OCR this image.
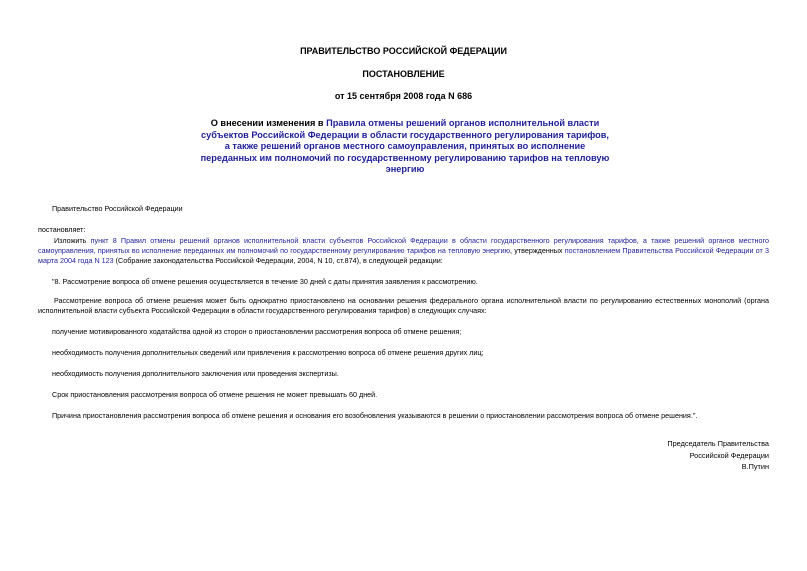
ПРАВИТЕЛЬСТВО РОССИЙСКОЙ ФЕДЕРАЦИИ
ПОСТАНОВЛЕНИЕ
от 15 сентября 2008 года N 686
О внесении изменения в Правила отмены решений органов исполнительной власти субъектов Российской Федерации в области государственного регулирования тарифов, а также решений органов местного самоуправления, принятых во исполнение переданных им полномочий по государственному регулированию тарифов на тепловую энергию
Правительство Российской Федерации
постановляет:
Изложить пункт 8 Правил отмены решений органов исполнительной власти субъектов Российской Федерации в области государственного регулирования тарифов, а также решений органов местного самоуправления, принятых во исполнение переданных им полномочий по государственному регулированию тарифов на тепловую энергию, утвержденных постановлением Правительства Российской Федерации от 3 марта 2004 года N 123 (Собрание законодательства Российской Федерации, 2004, N 10, ст.874), в следующей редакции:
"8. Рассмотрение вопроса об отмене решения осуществляется в течение 30 дней с даты принятия заявления к рассмотрению.
Рассмотрение вопроса об отмене решения может быть однократно приостановлено на основании решения федерального органа исполнительной власти по регулированию естественных монополий (органа исполнительной власти субъекта Российской Федерации в области государственного регулирования тарифов) в следующих случаях:
получение мотивированного ходатайства одной из сторон о приостановлении рассмотрения вопроса об отмене решения;
необходимость получения дополнительных сведений или привлечения к рассмотрению вопроса об отмене решения других лиц;
необходимость получения дополнительного заключения или проведения экспертизы.
Срок приостановления рассмотрения вопроса об отмене решения не может превышать 60 дней.
Причина приостановления рассмотрения вопроса об отмене решения и основания его возобновления указываются в решении о приостановлении рассмотрения вопроса об отмене решения.".
Председатель Правительства
Российской Федерации
В.Путин
